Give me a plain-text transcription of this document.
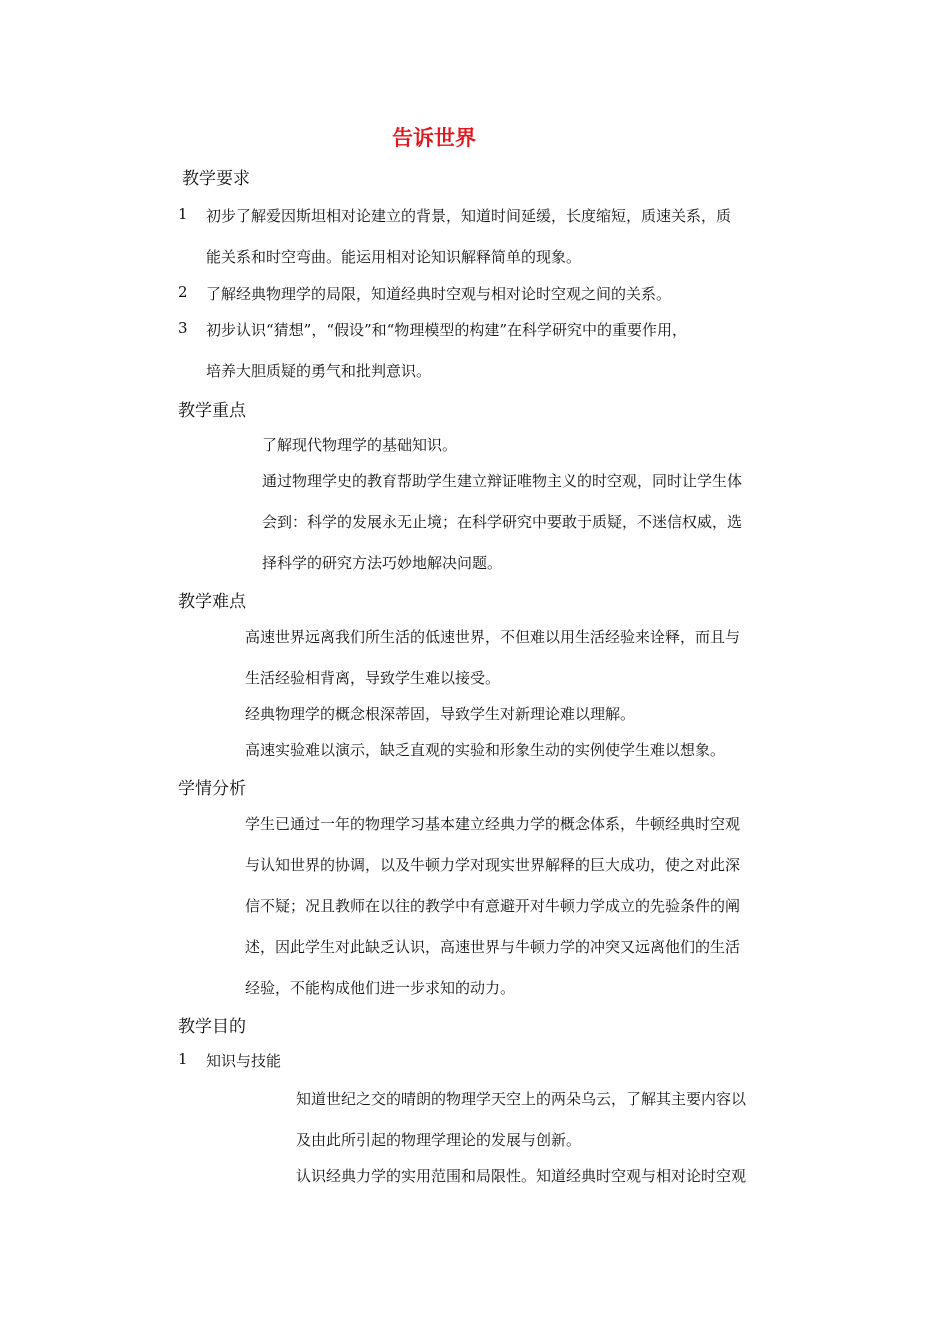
告诉世界
教学要求
1 初步了解爱因斯坦相对论建立的背景，知道时间延缓，长度缩短，质速关系，质
能关系和时空弯曲。能运用相对论知识解释简单的现象。
2 了解经典物理学的局限，知道经典时空观与相对论时空观之间的关系。
3 初步认识“猜想”，“假设”和“物理模型的构建”在科学研究中的重要作用，
培养大胆质疑的勇气和批判意识。
教学重点
了解现代物理学的基础知识。
通过物理学史的教育帮助学生建立辩证唯物主义的时空观，同时让学生体
会到：科学的发展永无止境；在科学研究中要敢于质疑，不迷信权威，选
择科学的研究方法巧妙地解决问题。
教学难点
高速世界远离我们所生活的低速世界，不但难以用生活经验来诠释，而且与
生活经验相背离，导致学生难以接受。
经典物理学的概念根深蒂固，导致学生对新理论难以理解。
高速实验难以演示，缺乏直观的实验和形象生动的实例使学生难以想象。
学情分析
学生已通过一年的物理学习基本建立经典力学的概念体系，牛顿经典时空观
与认知世界的协调，以及牛顿力学对现实世界解释的巨大成功，使之对此深
信不疑；况且教师在以往的教学中有意避开对牛顿力学成立的先验条件的阐
述，因此学生对此缺乏认识，高速世界与牛顿力学的冲突又远离他们的生活
经验，不能构成他们进一步求知的动力。
教学目的
1 知识与技能
知道世纪之交的晴朗的物理学天空上的两朵乌云，了解其主要内容以
及由此所引起的物理学理论的发展与创新。
认识经典力学的实用范围和局限性。知道经典时空观与相对论时空观
